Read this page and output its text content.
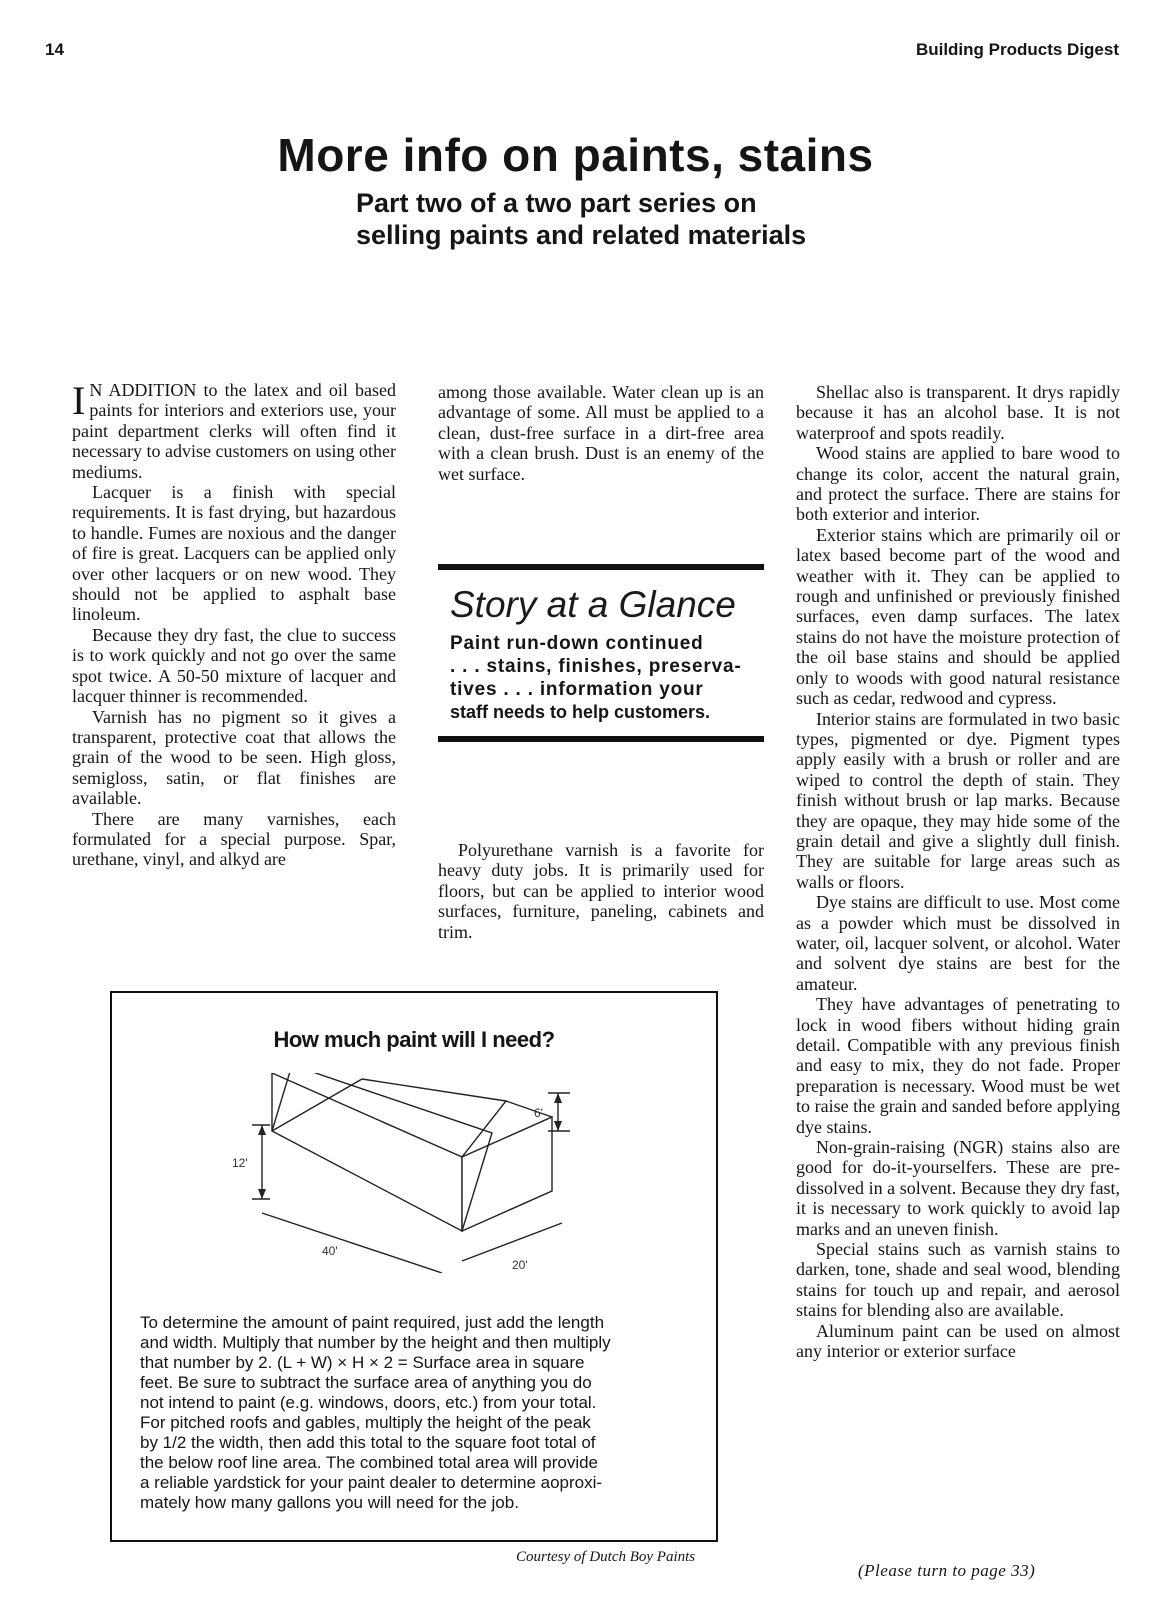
14	Building Products Digest
More info on paints, stains
Part two of a two part series on
selling paints and related materials

I N ADDITION to the latex and oil based paints for interiors and exteriors use, your paint department clerks will often find it necessary to advise customers on using other mediums.

Lacquer is a finish with special requirements. It is fast drying, but hazardous to handle. Fumes are noxious and the danger of fire is great. Lacquers can be applied only over other lacquers or on new wood. They should not be applied to asphalt base linoleum.

Because they dry fast, the clue to success is to work quickly and not go over the same spot twice. A 50-50 mixture of lacquer and lacquer thinner is recommended.

Varnish has no pigment so it gives a transparent, protective coat that allows the grain of the wood to be seen. High gloss, semigloss, satin, or flat finishes are available.

There are many varnishes, each formulated for a special purpose. Spar, urethane, vinyl, and alkyd are

among those available. Water clean up is an advantage of some. All must be applied to a clean, dust-free surface in a dirt-free area with a clean brush. Dust is an enemy of the wet surface.

Story at a Glance
Paint run-down continued
. . . stains, finishes, preserva-
tives . . . information your
staff needs to help customers.

Polyurethane varnish is a favorite for heavy duty jobs. It is primarily used for floors, but can be applied to interior wood surfaces, furniture, paneling, cabinets and trim.

Shellac also is transparent. It drys rapidly because it has an alcohol base. It is not waterproof and spots readily.

Wood stains are applied to bare wood to change its color, accent the natural grain, and protect the surface. There are stains for both exterior and interior.

Exterior stains which are primarily oil or latex based become part of the wood and weather with it. They can be applied to rough and unfinished or previously finished surfaces, even damp surfaces. The latex stains do not have the moisture protection of the oil base stains and should be applied only to woods with good natural resistance such as cedar, redwood and cypress.

Interior stains are formulated in two basic types, pigmented or dye. Pigment types apply easily with a brush or roller and are wiped to control the depth of stain. They finish without brush or lap marks. Because they are opaque, they may hide some of the grain detail and give a slightly dull finish. They are suitable for large areas such as walls or floors.

Dye stains are difficult to use. Most come as a powder which must be dissolved in water, oil, lacquer solvent, or alcohol. Water and solvent dye stains are best for the amateur.

They have advantages of penetrating to lock in wood fibers without hiding grain detail. Compatible with any previous finish and easy to mix, they do not fade. Proper preparation is necessary. Wood must be wet to raise the grain and sanded before applying dye stains.

Non-grain-raising (NGR) stains also are good for do-it-yourselfers. These are pre-dissolved in a solvent. Because they dry fast, it is necessary to work quickly to avoid lap marks and an uneven finish.

Special stains such as varnish stains to darken, tone, shade and seal wood, blending stains for touch up and repair, and aerosol stains for blending also are available.

Aluminum paint can be used on almost any interior or exterior surface

How much paint will I need?
12'
40'
20'
6'
To determine the amount of paint required, just add the length
and width. Multiply that number by the height and then multiply
that number by 2. (L + W) × H × 2 = Surface area in square
feet. Be sure to subtract the surface area of anything you do
not intend to paint (e.g. windows, doors, etc.) from your total.
For pitched roofs and gables, multiply the height of the peak
by 1/2 the width, then add this total to the square foot total of
the below roof line area. The combined total area will provide
a reliable yardstick for your paint dealer to determine aoproxi-
mately how many gallons you will need for the job.
Courtesy of Dutch Boy Paints
(Please turn to page 33)
